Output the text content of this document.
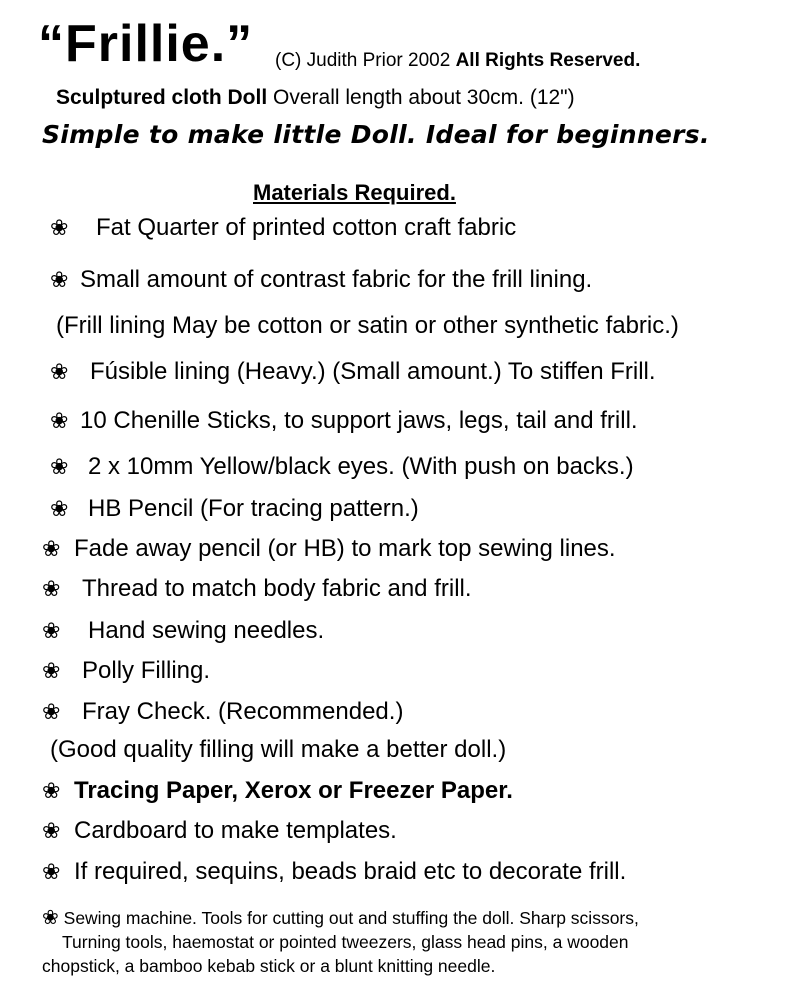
“Frillie.” (C) Judith Prior 2002 All Rights Reserved.
Sculptured cloth Doll Overall length about 30cm. (12")
Simple to make little Doll. Ideal for beginners.
Materials Required.
❀	Fat Quarter of printed cotton craft fabric
❀ Small amount of contrast fabric for the frill lining.
(Frill lining May be cotton or satin or other synthetic fabric.)
❀ Fúsible lining (Heavy.) (Small amount.) To stiffen Frill.
❀ 10 Chenille Sticks, to support jaws, legs, tail and frill.
❀ 2 x 10mm Yellow/black eyes. (With push on backs.)
❀ HB Pencil (For tracing pattern.)
❀ Fade away pencil (or HB) to mark top sewing lines.
❀ Thread to match body fabric and frill.
❀	Hand sewing needles.
❀ Polly Filling.
❀ Fray Check. (Recommended.)
(Good quality filling will make a better doll.)
❀ Tracing Paper, Xerox or Freezer Paper.
❀ Cardboard to make templates.
❀ If required, sequins, beads braid etc to decorate frill.
❀ Sewing machine. Tools for cutting out and stuffing the doll. Sharp scissors,
Turning tools, haemostat or pointed tweezers, glass head pins, a wooden
chopstick, a bamboo kebab stick or a blunt knitting needle.
